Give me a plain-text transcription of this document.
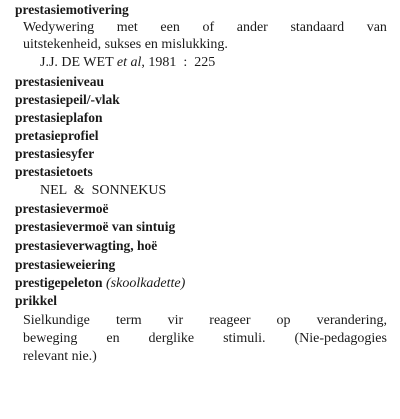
prestasiemotivering
Wedywering met een of ander standaard van
uitstekenheid, sukses en mislukking.
J.J. DE WET et al, 1981  :  225
prestasieniveau
prestasiepeil/-vlak
prestasieplafon
pretasieprofiel
prestasiesyfer
prestasietoets
NEL  &  SONNEKUS
prestasievermoë
prestasievermoë van sintuig
prestasieverwagting, hoë
prestasieweiering
prestigepeleton (skoolkadette)
prikkel
Sielkundige term vir reageer op verandering,
beweging en derglike stimuli. (Nie-pedagogies
relevant nie.)
